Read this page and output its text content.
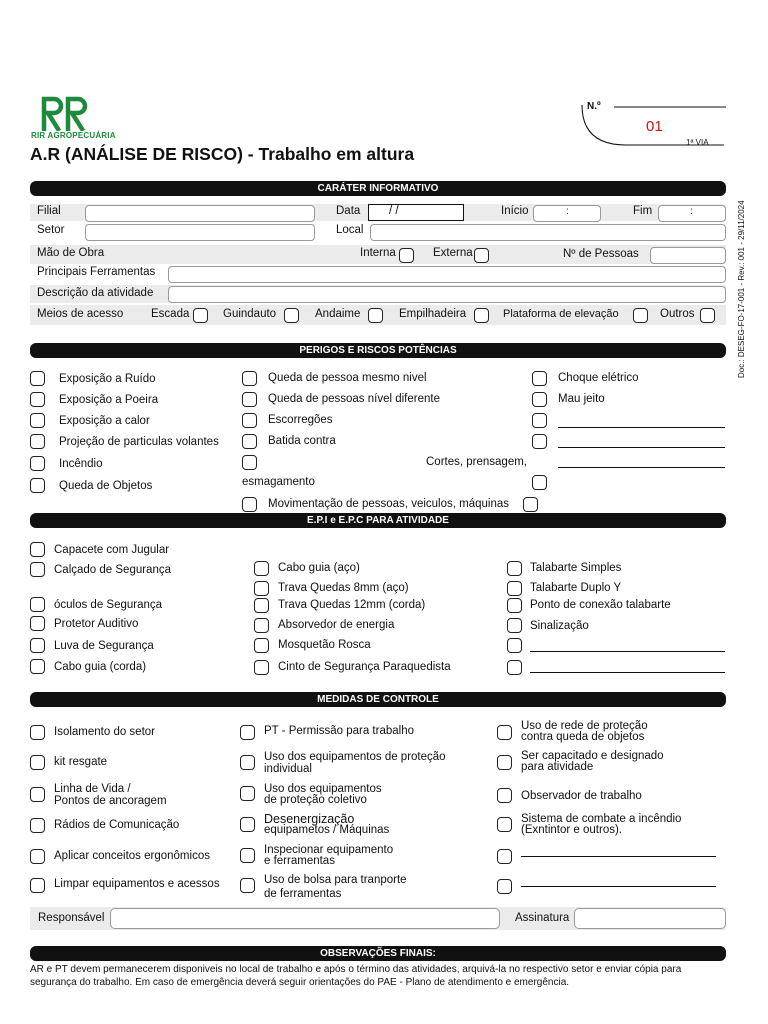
RIR AGROPECUÁRIA
A.R (ANÁLISE DE RISCO) - Trabalho em altura
N.º
01
1ª VIA
Doc.: DESEG-FO-17-001 - Rev.: 001 - 29/11/2024
CARÁTER INFORMATIVO
Filial	Data / /	Início	:	Fim	:
Setor	Local
Mão de Obra	Interna	Externa	Nº de Pessoas
Principais Ferramentas
Descrição da atividade
Meios de acesso Escada	Guindauto	Andaime	Empilhadeira	Plataforma de elevação	Outros
PERIGOS E RISCOS POTÊNCIAS
Exposição a Ruído
Exposição a Poeira
Exposição a calor
Projeção de particulas volantes
Incêndio
Queda de Objetos
Queda de pessoa mesmo nivel
Queda de pessoas nível diferente
Escorregões
Batida contra
Cortes, prensagem,
esmagamento
Movimentação de pessoas, veiculos, máquinas
Choque elétrico
Mau jeito
E.P.I e E.P.C PARA ATIVIDADE
Capacete com Jugular
Calçado de Segurança
óculos de Segurança
Protetor Auditivo
Luva de Segurança
Cabo guia (corda)
Cabo guia (aço)
Trava Quedas 8mm (aço)
Trava Quedas 12mm (corda)
Absorvedor de energia
Mosquetão Rosca
Cinto de Segurança Paraquedista
Talabarte Simples
Talabarte Duplo Y
Ponto de conexão talabarte
Sinalização
MEDIDAS DE CONTROLE
Isolamento do setor
kit resgate
Linha de Vida /
Pontos de ancoragem
Rádios de Comunicação
Aplicar conceitos ergonômicos
Limpar equipamentos e acessos
PT - Permissão para trabalho
Uso dos equipamentos de proteção
individual
Uso dos equipamentos
de proteção coletivo
Desenergização
equipametos / Máquinas
Inspecionar equipamento
e ferramentas
Uso de bolsa para tranporte
de ferramentas
Uso de rede de proteção
contra queda de objetos
Ser capacitado e designado
para atividade
Observador de trabalho
Sistema de combate a incêndio
(Exntintor e outros).
Responsável	Assinatura
OBSERVAÇÕES FINAIS:
AR e PT devem permanecerem disponiveis no local de trabalho e após o término das atividades, arquivá-la no respectivo setor e enviar cópia para
segurança do trabalho. Em caso de emergência deverá seguir orientações do PAE - Plano de atendimento e emergência.
